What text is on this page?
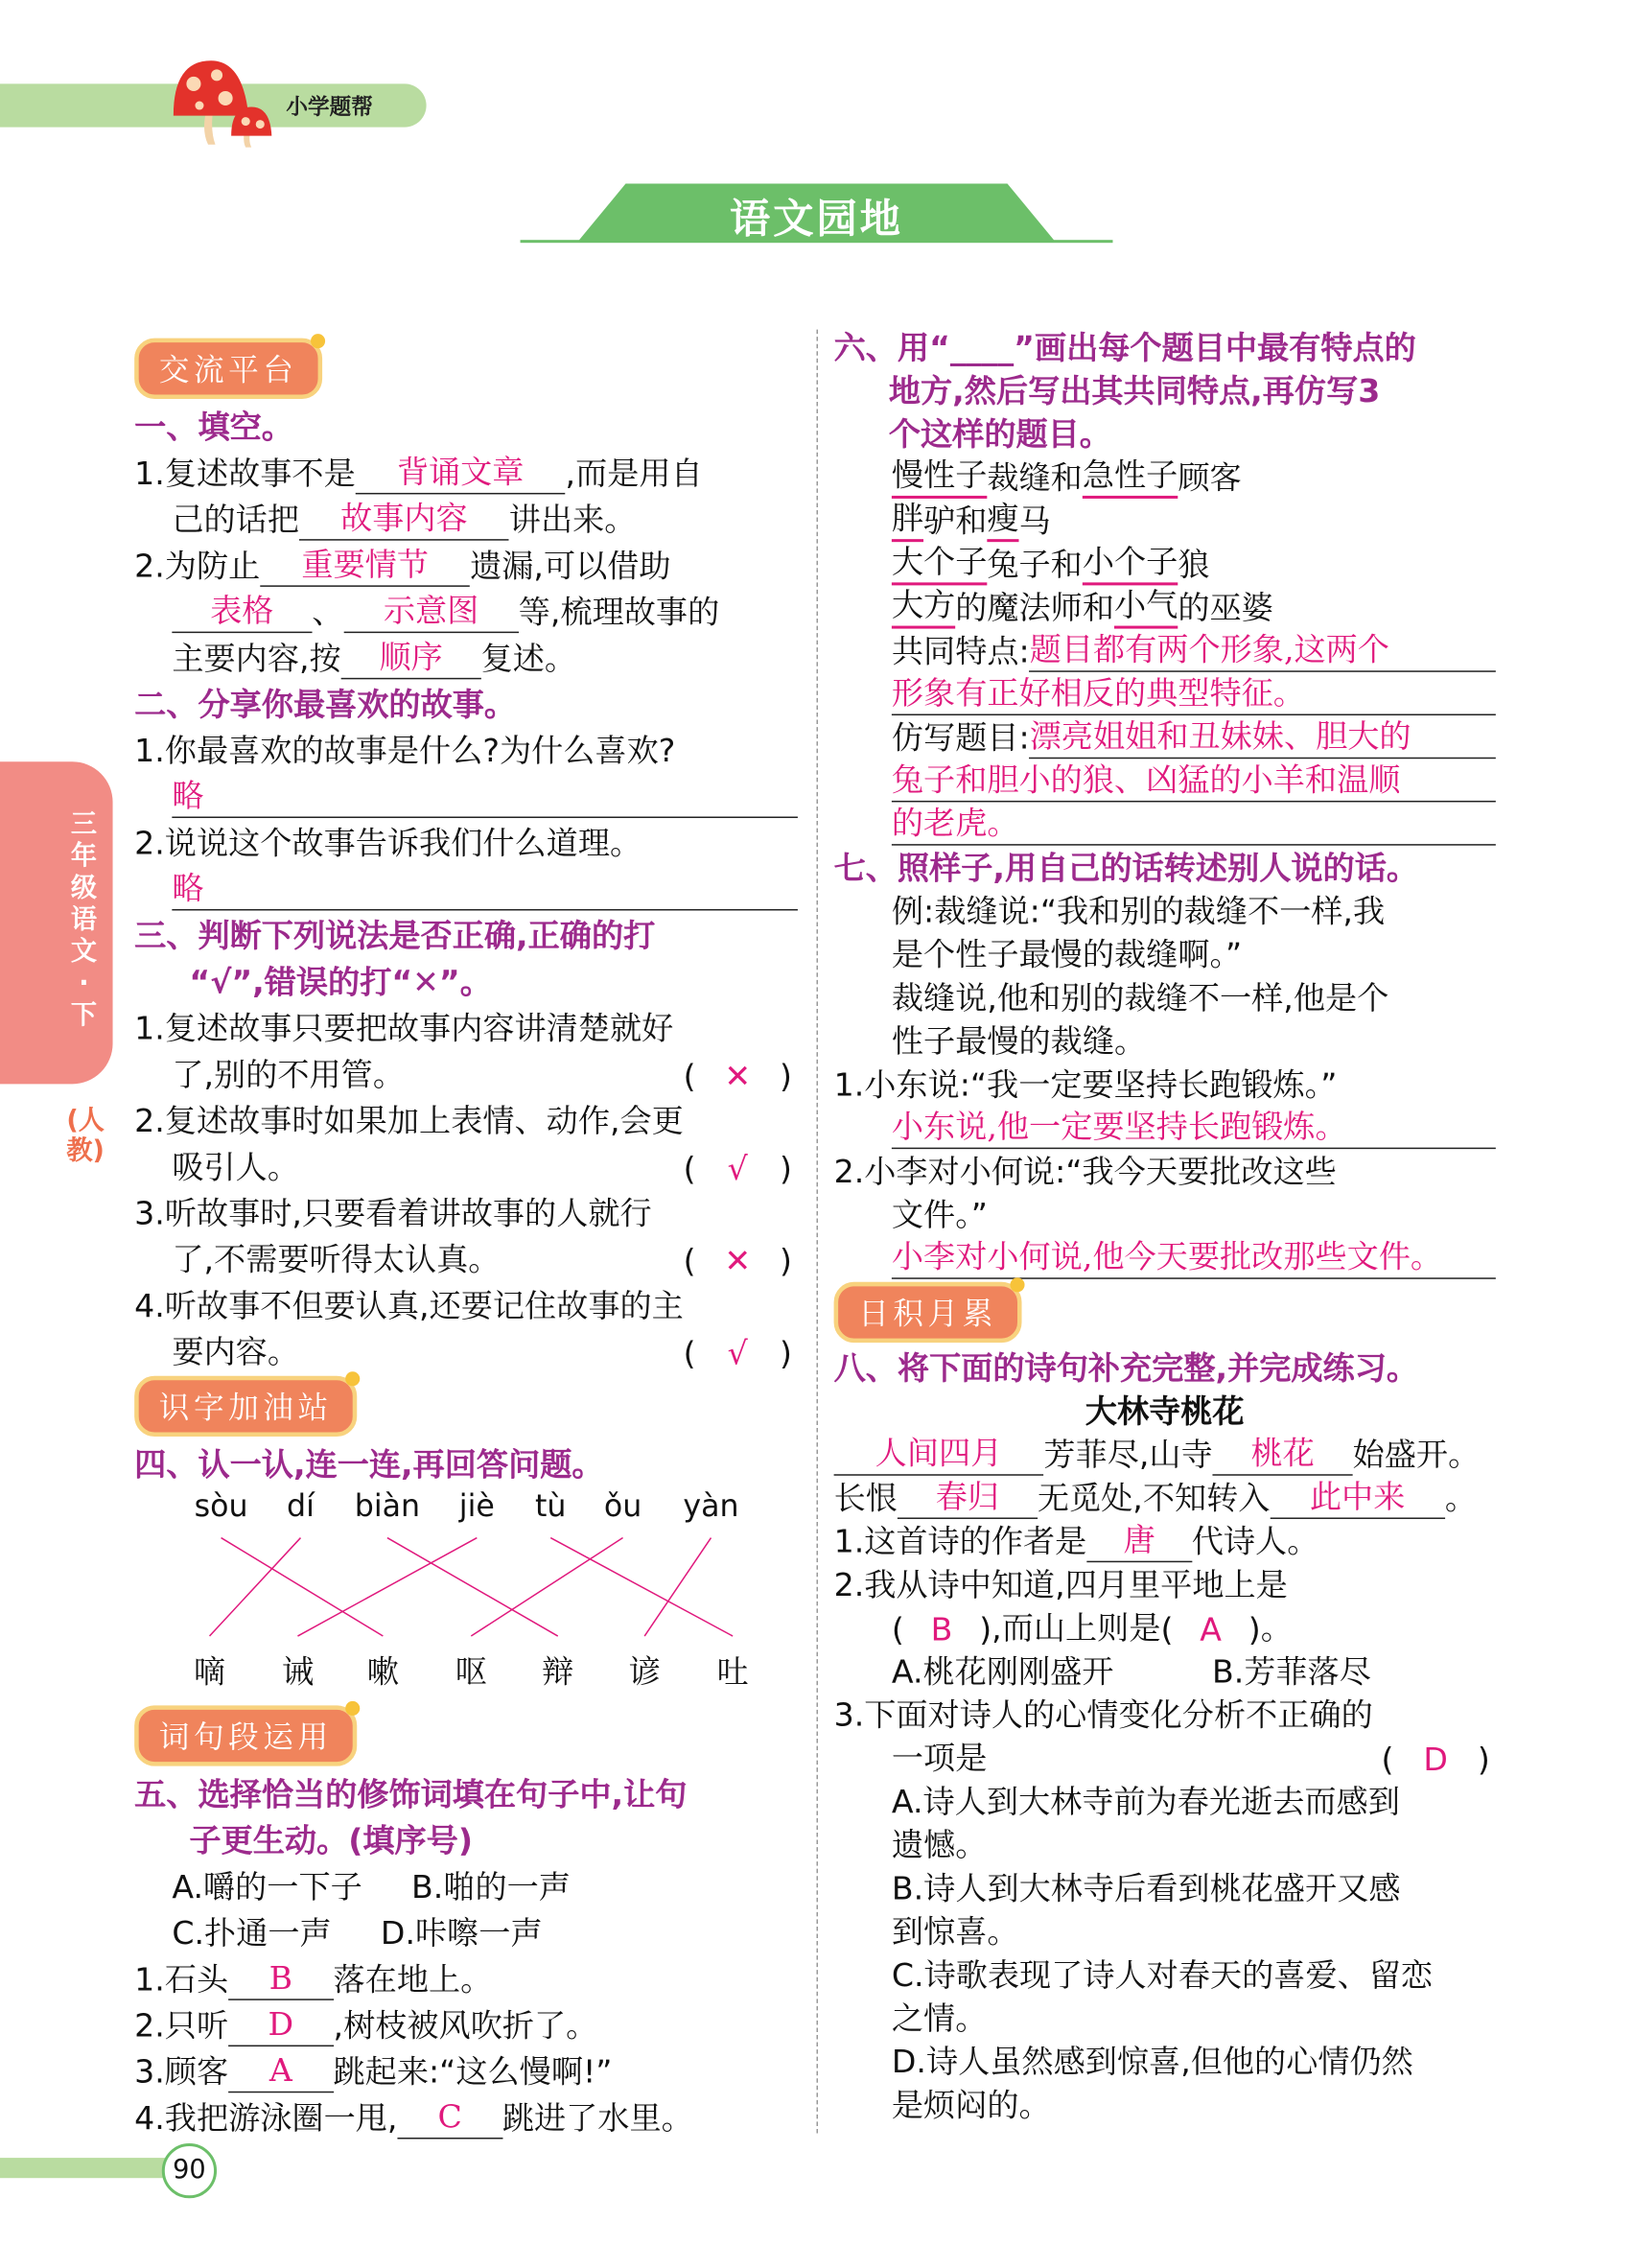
小学题帮
语文园地
三年级语文·下
(人教)
交流平台
一、填空。
1.复述故事不是	背诵文章	,而是用自
己的话把	故事内容	讲出来。
2.为防止	重要情节	遗漏,可以借助
表格	、	示意图	等,梳理故事的
主要内容,按	顺序	复述。
二、分享你最喜欢的故事。
1.你最喜欢的故事是什么?为什么喜欢?
略
2.说说这个故事告诉我们什么道理。
略
三、判断下列说法是否正确,正确的打
“√”,错误的打“✕”。
1.复述故事只要把故事内容讲清楚就好
了,别的不用管。	( ✕ )
2.复述故事时如果加上表情、动作,会更
吸引人。	( √ )
3.听故事时,只要看着讲故事的人就行
了,不需要听得太认真。	( ✕ )
4.听故事不但要认真,还要记住故事的主
要内容。	( √ )
识字加油站
四、认一认,连一连,再回答问题。
sòu dí biàn jiè tù ǒu yàn
嘀	诫	嗽	呕	辩	谚	吐
词句段运用
五、选择恰当的修饰词填在句子中,让句
子更生动。(填序号)
A.嚼的一下子 B.啪的一声
C.扑通一声 D.咔嚓一声
1.石头	B	落在地上。
2.只听	D	,树枝被风吹折了。
3.顾客	A	跳起来:“这么慢啊!”
4.我把游泳圈一甩,	C	跳进了水里。
六、用“____”画出每个题目中最有特点的
地方,然后写出其共同特点,再仿写3
个这样的题目。
慢性子 裁缝和 急性子 顾客
胖 驴和 瘦 马
大个子 兔子和 小个子 狼
大方 的魔法师和 小气 的巫婆
共同特点: 题目都有两个形象,这两个
形象有正好相反的典型特征。
仿写题目: 漂亮姐姐和丑妹妹、胆大的
兔子和胆小的狼、凶猛的小羊和温顺
的老虎。
七、照样子,用自己的话转述别人说的话。
例:裁缝说:“我和别的裁缝不一样,我
是个性子最慢的裁缝啊。”
裁缝说,他和别的裁缝不一样,他是个
性子最慢的裁缝。
1.小东说:“我一定要坚持长跑锻炼。”
小东说,他一定要坚持长跑锻炼。
2.小李对小何说:“我今天要批改这些
文件。”
小李对小何说,他今天要批改那些文件。
日积月累
八、将下面的诗句补充完整,并完成练习。
大林寺桃花
人间四月	芳菲尽,山寺	桃花	始盛开。
长恨	春归	无觅处,不知转入	此中来	。
1.这首诗的作者是	唐	代诗人。
2.我从诗中知道,四月里平地上是
( B ) ,而山上则是 ( A ) 。
A.桃花刚刚盛开	B.芳菲落尽
3.下面对诗人的心情变化分析不正确的
一项是	( D )
A.诗人到大林寺前为春光逝去而感到
遗憾。
B.诗人到大林寺后看到桃花盛开又感
到惊喜。
C.诗歌表现了诗人对春天的喜爱、留恋
之情。
D.诗人虽然感到惊喜,但他的心情仍然
是烦闷的。
90
